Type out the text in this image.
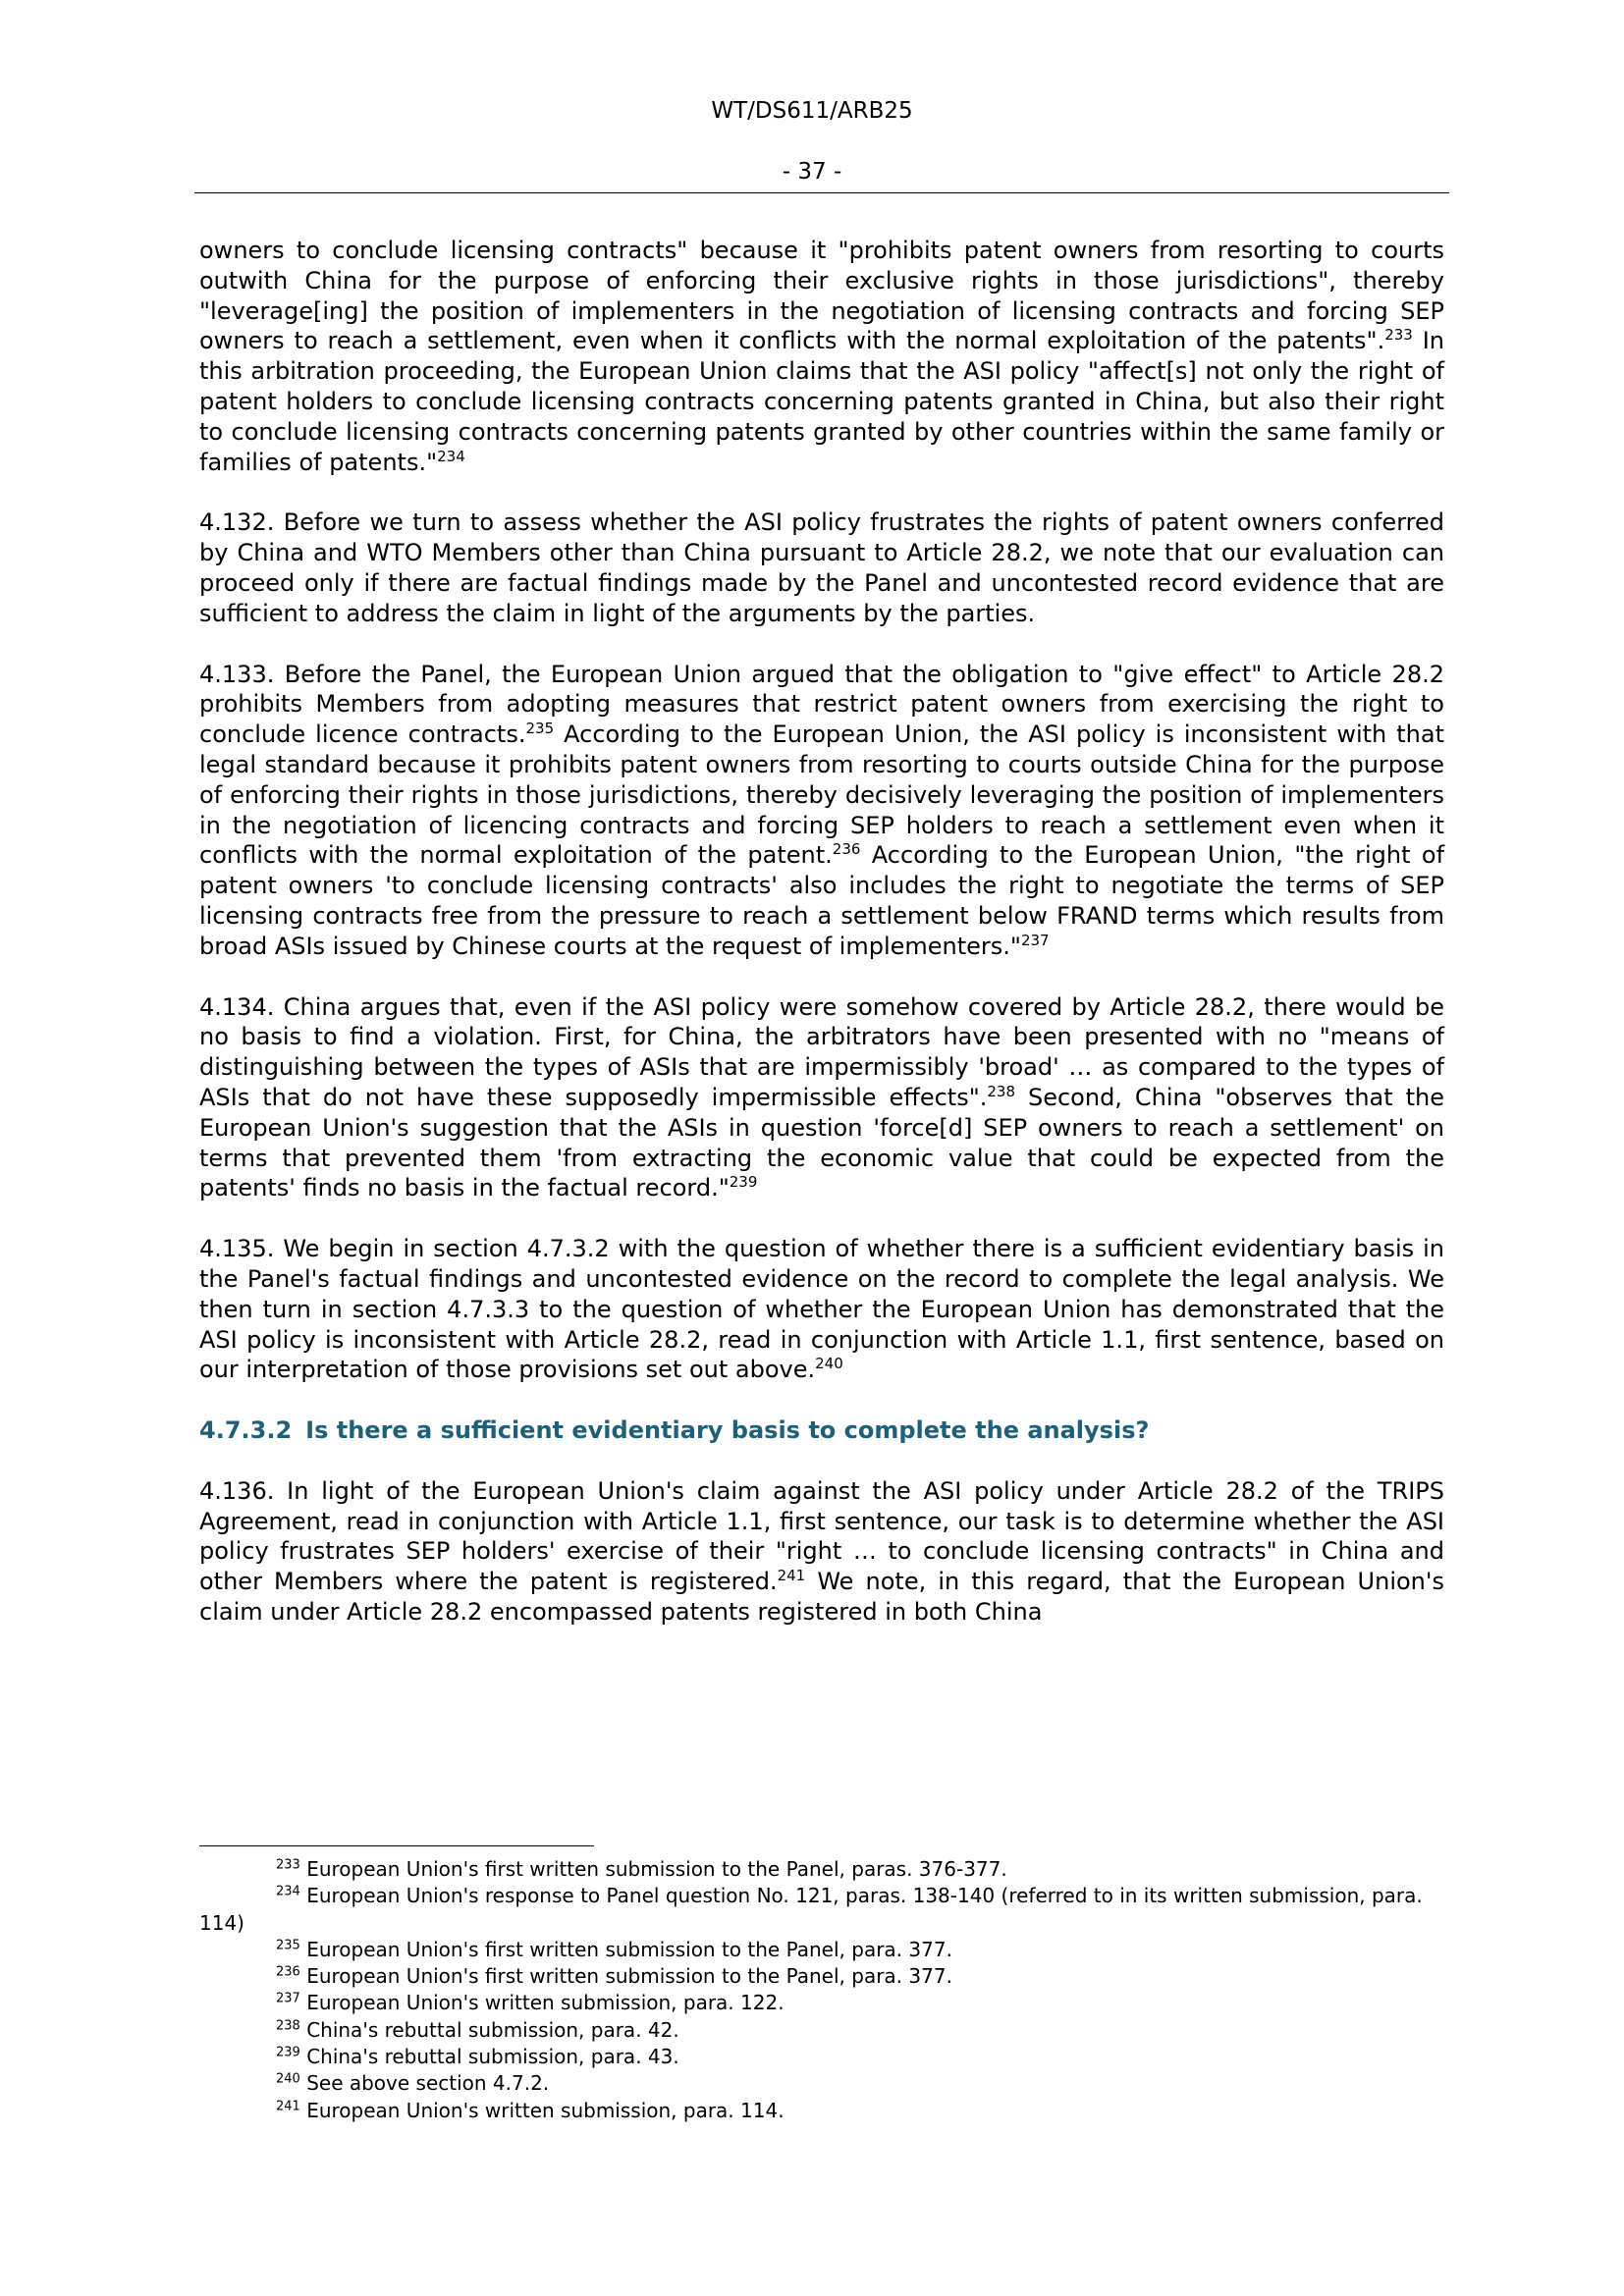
WT/DS611/ARB25
- 37 -

owners to conclude licensing contracts" because it "prohibits patent owners from resorting to courts outwith China for the purpose of enforcing their exclusive rights in those jurisdictions", thereby "leverage[ing] the position of implementers in the negotiation of licensing contracts and forcing SEP owners to reach a settlement, even when it conflicts with the normal exploitation of the patents".$^{233}$ In this arbitration proceeding, the European Union claims that the ASI policy "affect[s] not only the right of patent holders to conclude licensing contracts concerning patents granted in China, but also their right to conclude licensing contracts concerning patents granted by other countries within the same family or families of patents."$^{234}$

4.132. Before we turn to assess whether the ASI policy frustrates the rights of patent owners conferred by China and WTO Members other than China pursuant to Article 28.2, we note that our evaluation can proceed only if there are factual findings made by the Panel and uncontested record evidence that are sufficient to address the claim in light of the arguments by the parties.

4.133. Before the Panel, the European Union argued that the obligation to "give effect" to Article 28.2 prohibits Members from adopting measures that restrict patent owners from exercising the right to conclude licence contracts.$^{235}$ According to the European Union, the ASI policy is inconsistent with that legal standard because it prohibits patent owners from resorting to courts outside China for the purpose of enforcing their rights in those jurisdictions, thereby decisively leveraging the position of implementers in the negotiation of licencing contracts and forcing SEP holders to reach a settlement even when it conflicts with the normal exploitation of the patent.$^{236}$ According to the European Union, "the right of patent owners 'to conclude licensing contracts' also includes the right to negotiate the terms of SEP licensing contracts free from the pressure to reach a settlement below FRAND terms which results from broad ASIs issued by Chinese courts at the request of implementers."$^{237}$

4.134. China argues that, even if the ASI policy were somehow covered by Article 28.2, there would be no basis to find a violation. First, for China, the arbitrators have been presented with no "means of distinguishing between the types of ASIs that are impermissibly 'broad' … as compared to the types of ASIs that do not have these supposedly impermissible effects".$^{238}$ Second, China "observes that the European Union's suggestion that the ASIs in question 'force[d] SEP owners to reach a settlement' on terms that prevented them 'from extracting the economic value that could be expected from the patents' finds no basis in the factual record."$^{239}$

4.135. We begin in section 4.7.3.2 with the question of whether there is a sufficient evidentiary basis in the Panel's factual findings and uncontested evidence on the record to complete the legal analysis. We then turn in section 4.7.3.3 to the question of whether the European Union has demonstrated that the ASI policy is inconsistent with Article 28.2, read in conjunction with Article 1.1, first sentence, based on our interpretation of those provisions set out above.$^{240}$

4.7.3.2 Is there a sufficient evidentiary basis to complete the analysis?

4.136. In light of the European Union's claim against the ASI policy under Article 28.2 of the TRIPS Agreement, read in conjunction with Article 1.1, first sentence, our task is to determine whether the ASI policy frustrates SEP holders' exercise of their "right … to conclude licensing contracts" in China and other Members where the patent is registered.$^{241}$ We note, in this regard, that the European Union's claim under Article 28.2 encompassed patents registered in both China

$^{233}$ European Union's first written submission to the Panel, paras. 376-377.

$^{234}$ European Union's response to Panel question No. 121, paras. 138-140 (referred to in its written submission, para. 114)

$^{235}$ European Union's first written submission to the Panel, para. 377.

$^{236}$ European Union's first written submission to the Panel, para. 377.

$^{237}$ European Union's written submission, para. 122.

$^{238}$ China's rebuttal submission, para. 42.

$^{239}$ China's rebuttal submission, para. 43.

$^{240}$ See above section 4.7.2.

$^{241}$ European Union's written submission, para. 114.
